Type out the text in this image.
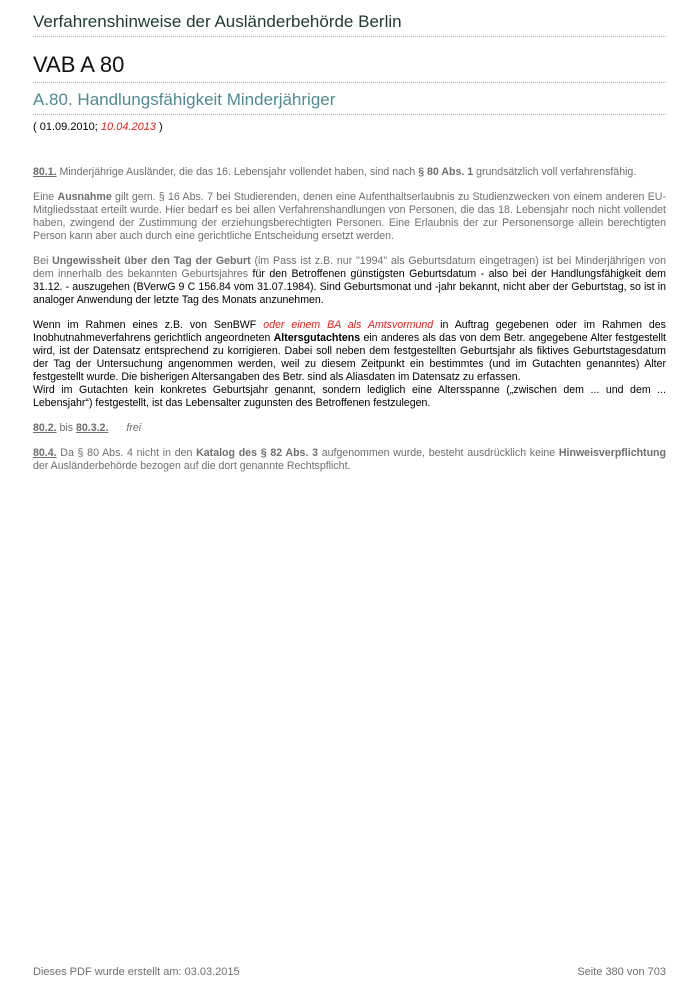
Verfahrenshinweise der Ausländerbehörde Berlin
VAB A 80
A.80. Handlungsfähigkeit Minderjähriger
( 01.09.2010; 10.04.2013 )

80.1. Minderjährige Ausländer, die das 16. Lebensjahr vollendet haben, sind nach § 80 Abs. 1 grundsätzlich voll verfahrensfähig.

Eine Ausnahme gilt gem. § 16 Abs. 7 bei Studierenden, denen eine Aufenthaltserlaubnis zu Studienzwecken von einem anderen EU-Mitgliedsstaat erteilt wurde. Hier bedarf es bei allen Verfahrenshandlungen von Personen, die das 18. Lebensjahr noch nicht vollendet haben, zwingend der Zustimmung der erziehungsberechtigten Personen. Eine Erlaubnis der zur Personensorge allein berechtigten Person kann aber auch durch eine gerichtliche Entscheidung ersetzt werden.

Bei Ungewissheit über den Tag der Geburt (im Pass ist z.B. nur "1994" als Geburtsdatum eingetragen) ist bei Minderjährigen von dem innerhalb des bekannten Geburtsjahres für den Betroffenen günstigsten Geburtsdatum - also bei der Handlungsfähigkeit dem 31.12. - auszugehen (BVerwG 9 C 156.84 vom 31.07.1984). Sind Geburtsmonat und -jahr bekannt, nicht aber der Geburtstag, so ist in analoger Anwendung der letzte Tag des Monats anzunehmen.

Wenn im Rahmen eines z.B. von SenBWF oder einem BA als Amtsvormund in Auftrag gegebenen oder im Rahmen des Inobhutnahmeverfahrens gerichtlich angeordneten Altersgutachtens ein anderes als das von dem Betr. angegebene Alter festgestellt wird, ist der Datensatz entsprechend zu korrigieren. Dabei soll neben dem festgestellten Geburtsjahr als fiktives Geburtstagesdatum der Tag der Untersuchung angenommen werden, weil zu diesem Zeitpunkt ein bestimmtes (und im Gutachten genanntes) Alter festgestellt wurde. Die bisherigen Altersangaben des Betr. sind als Aliasdaten im Datensatz zu erfassen.
Wird im Gutachten kein konkretes Geburtsjahr genannt, sondern lediglich eine Altersspanne („zwischen dem ... und dem ... Lebensjahr“) festgestellt, ist das Lebensalter zugunsten des Betroffenen festzulegen.

80.2. bis 80.3.2. frei

80.4. Da § 80 Abs. 4 nicht in den Katalog des § 82 Abs. 3 aufgenommen wurde, besteht ausdrücklich keine Hinweisverpflichtung der Ausländerbehörde bezogen auf die dort genannte Rechtspflicht.

Dieses PDF wurde erstellt am: 03.03.2015	Seite 380 von 703
